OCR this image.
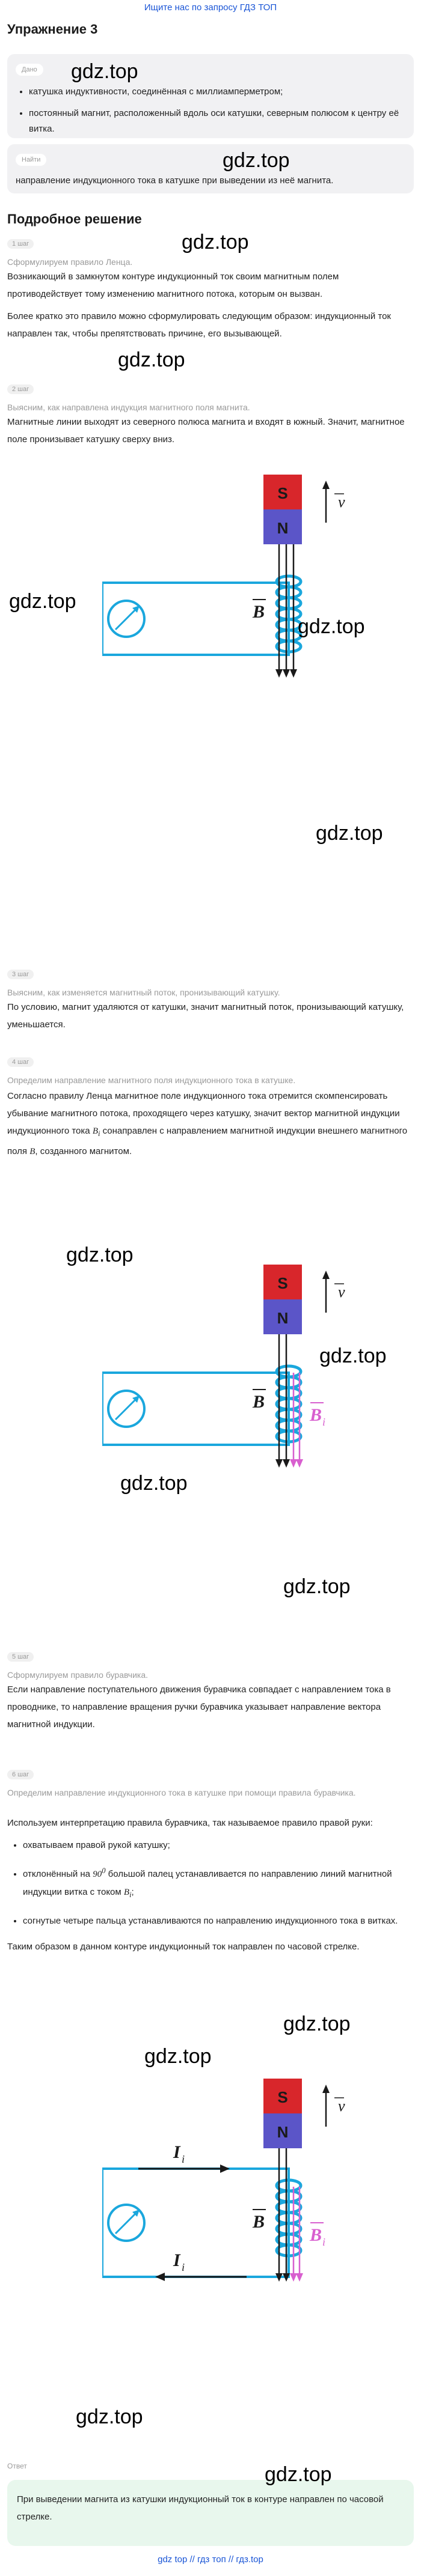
Ищите нас по запросу ГДЗ ТОП
Упражнение 3
Дано
• катушка индуктивности, соединённая с миллиамперметром;
• постоянный магнит, расположенный вдоль оси катушки, северным полюсом к центру её витка.
Найти
направление индукционного тока в катушке при выведении из неё магнита.
Подробное решение
1 шаг
Сформулируем правило Ленца.

Возникающий в замкнутом контуре индукционный ток своим магнитным полем противодействует тому изменению магнитного потока, которым он вызван.

Более кратко это правило можно сформулировать следующим образом: индукционный ток направлен так, чтобы препятствовать причине, его вызывающей.

2 шаг
Выясним, как направлена индукция магнитного поля магнита.

Магнитные линии выходят из северного полюса магнита и входят в южный. Значит, магнитное поле пронизывает катушку сверху вниз.

S
N
v
B
3 шаг
Выясним, как изменяется магнитный поток, пронизывающий катушку.

По условию, магнит удаляются от катушки, значит магнитный поток, пронизывающий катушку, уменьшается.

4 шаг
Определим направление магнитного поля индукционного тока в катушке.

Согласно правилу Ленца магнитное поле индукционного тока отремится скомпенсировать убывание магнитного потока, проходящего через катушку, значит вектор магнитной индукции индукционного тока $B_i$ сонаправлен с направлением магнитной индукции внешнего магнитного поля B, созданного магнитом.

S
N
v
B
B i
5 шаг
Сформулируем правило буравчика.

Если направление поступательного движения буравчика совпадает с направлением тока в проводнике, то направление вращения ручки буравчика указывает направление вектора магнитной индукции.

6 шаг
Определим направление индукционного тока в катушке при помощи правила буравчика.

Используем интерпретацию правила буравчика, так называемое правило правой руки:

• охватываем правой рукой катушку;
• отклонённый на $90^0$ большой палец устанавливается по направлению линий магнитной индукции витка с током $B_i$;
• согнутые четыре пальца устанавливаются по направлению индукционного тока в витках.

Таким образом в данном контуре индукционный ток направлен по часовой стрелке.

S
N
v
I i
I i
B
B i
Ответ
При выведении магнита из катушки индукционный ток в контуре направлен по часовой стрелке.
gdz top // гдз топ // гдз.top
gdz.top
gdz.top
gdz.top
gdz.top
gdz.top
gdz.top
gdz.top
gdz.top
gdz.top
gdz.top
gdz.top
gdz.top
gdz.top
gdz.top
gdz.top
